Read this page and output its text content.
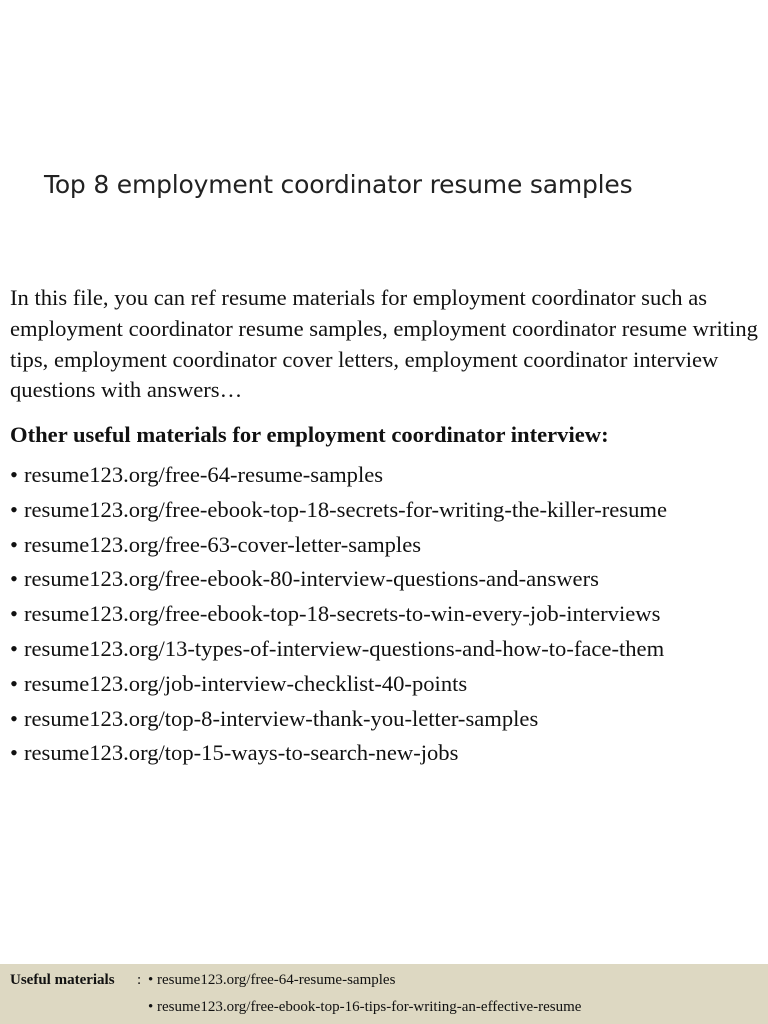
Top 8 employment coordinator resume samples

In this file, you can ref resume materials for employment coordinator such as employment coordinator resume samples, employment coordinator resume writing tips, employment coordinator cover letters, employment coordinator interview questions with answers…

Other useful materials for employment coordinator interview:

• resume123.org/free-64-resume-samples
• resume123.org/free-ebook-top-18-secrets-for-writing-the-killer-resume
• resume123.org/free-63-cover-letter-samples
• resume123.org/free-ebook-80-interview-questions-and-answers
• resume123.org/free-ebook-top-18-secrets-to-win-every-job-interviews
• resume123.org/13-types-of-interview-questions-and-how-to-face-them
• resume123.org/job-interview-checklist-40-points
• resume123.org/top-8-interview-thank-you-letter-samples
• resume123.org/top-15-ways-to-search-new-jobs
Useful materials : • resume123.org/free-64-resume-samples
• resume123.org/free-ebook-top-16-tips-for-writing-an-effective-resume
